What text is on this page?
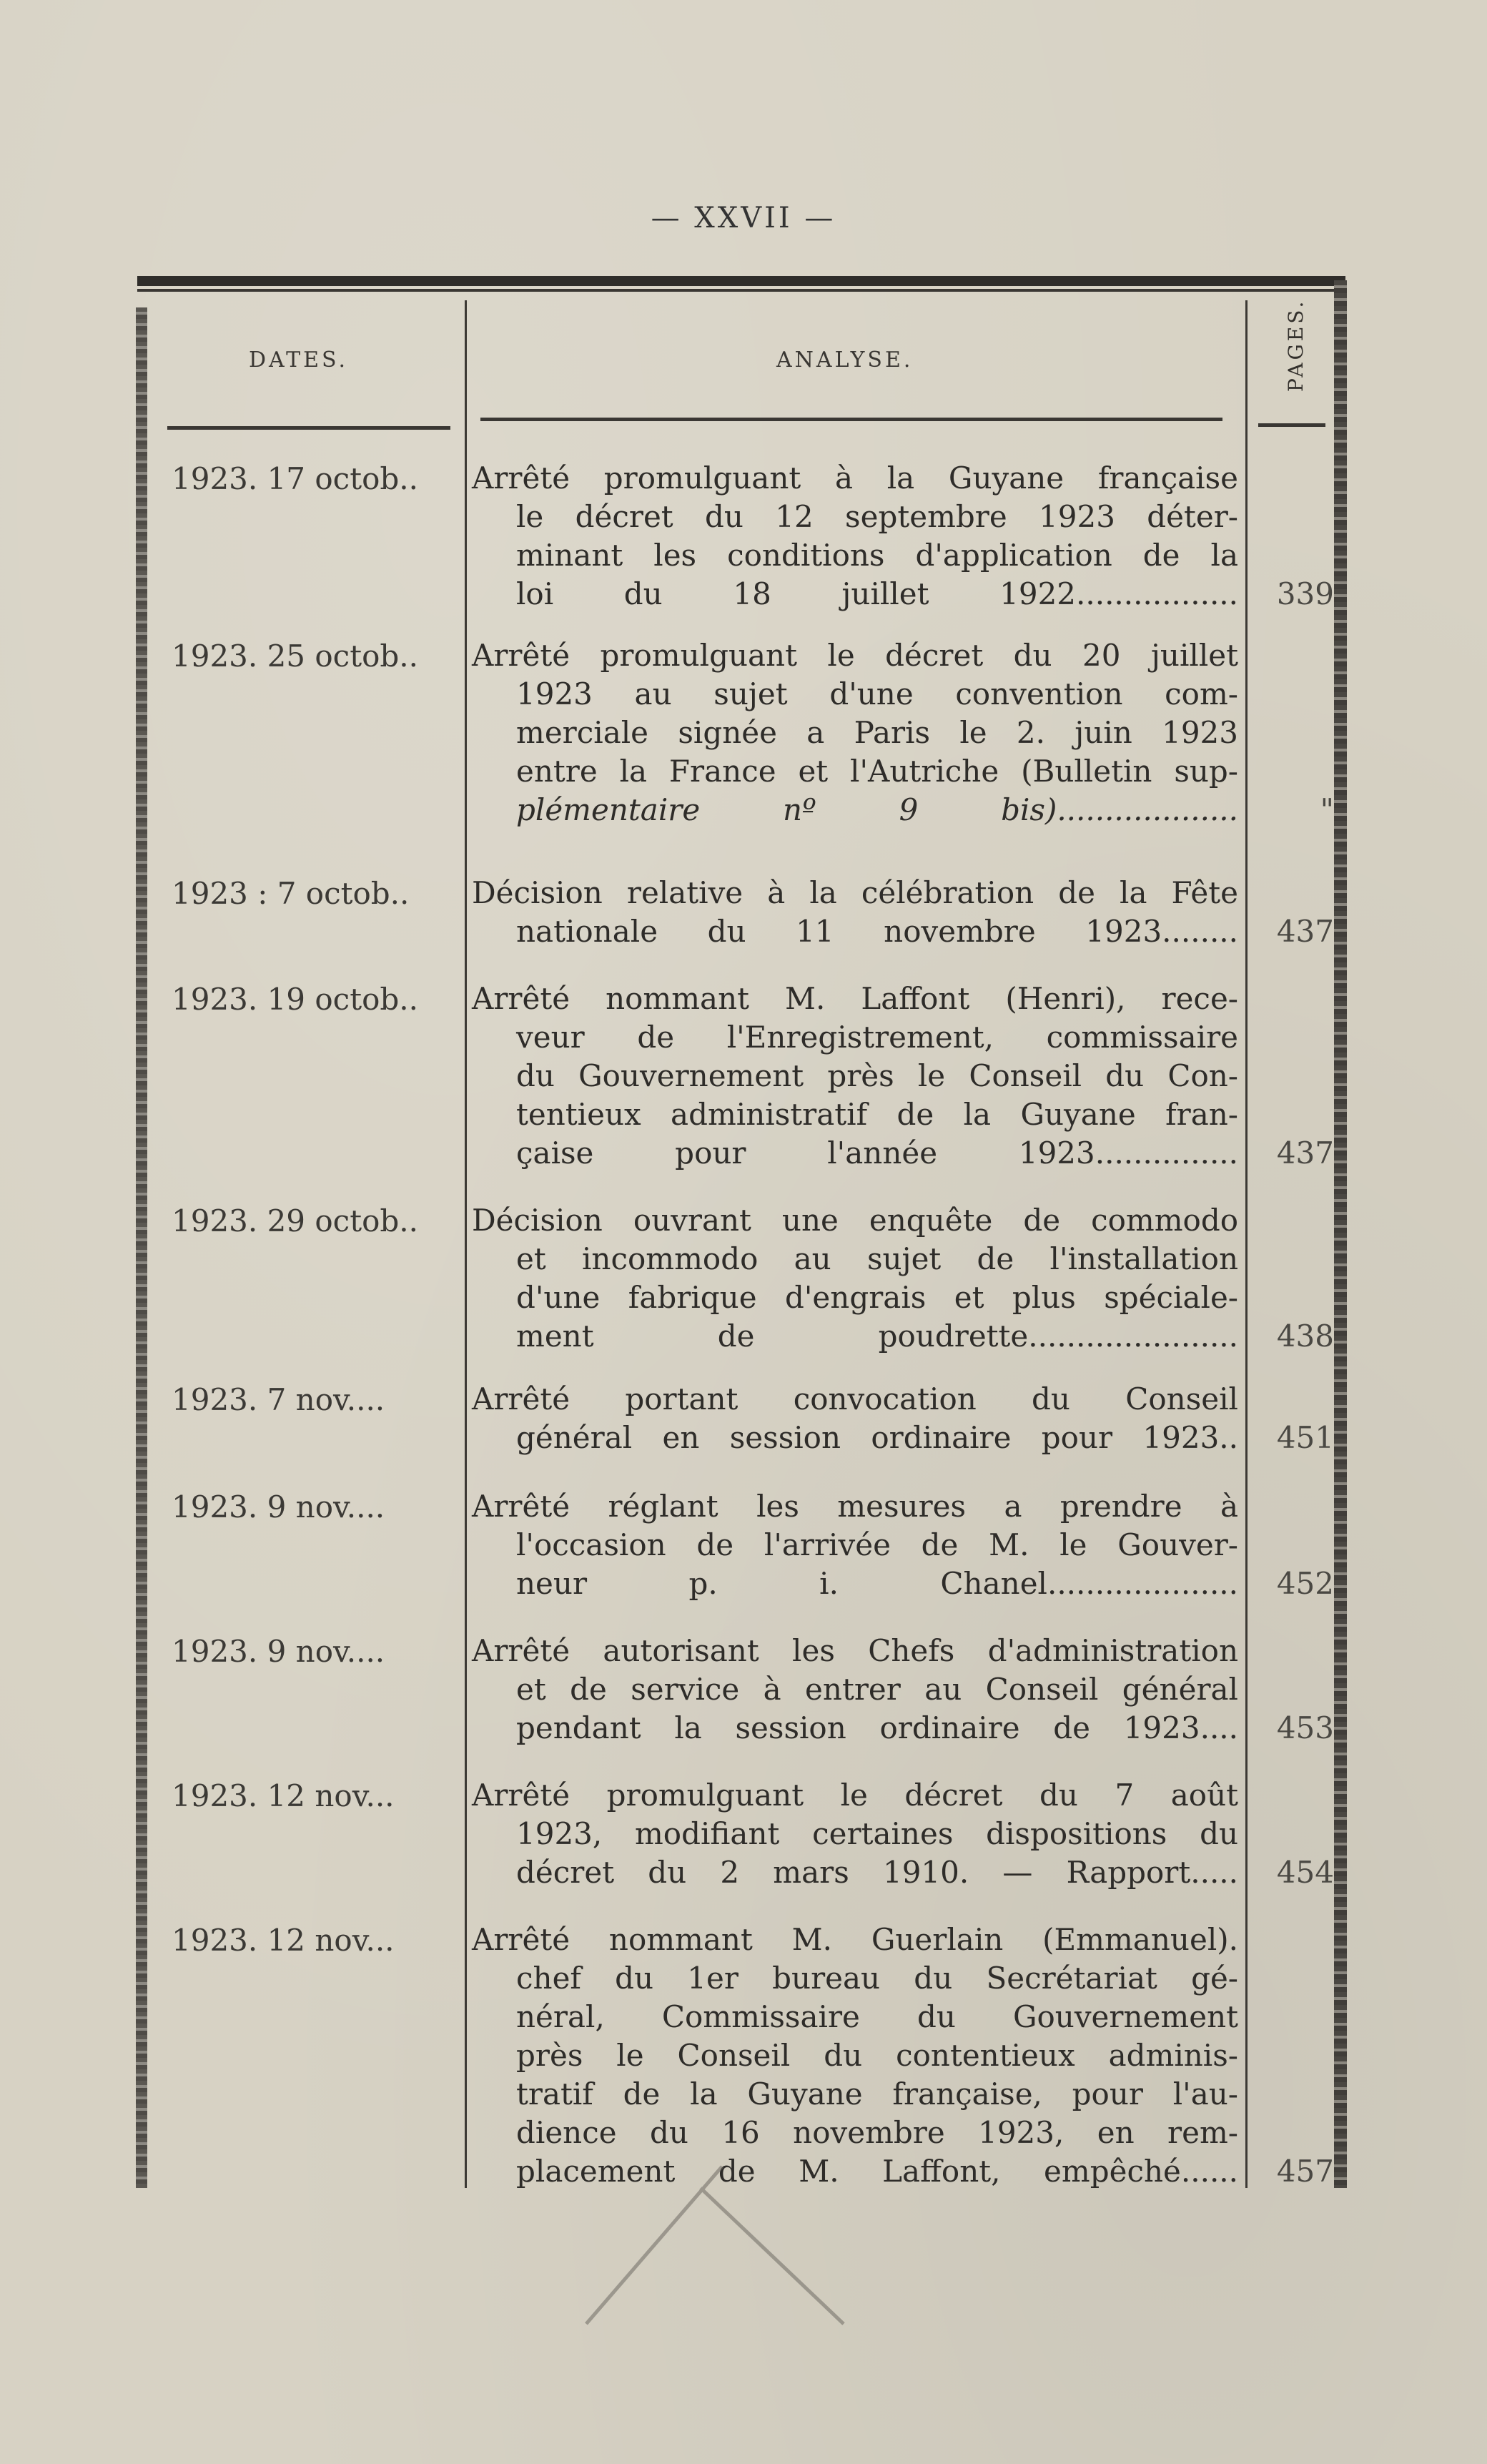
— XXVII —
DATES.	ANALYSE.	PAGES.
1923. 17 octob..	Arrêté promulguant à la Guyane française
le décret du 12 septembre 1923 déter-
minant les conditions d'application de la
loi du 18 juillet 1922.................	339
1923. 25 octob..	Arrêté promulguant le décret du 20 juillet
1923 au sujet d'une convention com-
merciale signée a Paris le 2. juin 1923
entre la France et l'Autriche (Bulletin sup-
plémentaire nº 9 bis)...................	"
1923 : 7 octob..	Décision relative à la célébration de la Fête
nationale du 11 novembre 1923........	437
1923. 19 octob..	Arrêté nommant M. Laffont (Henri), rece-
veur de l'Enregistrement, commissaire
du Gouvernement près le Conseil du Con-
tentieux administratif de la Guyane fran-
çaise pour l'année 1923...............	437
1923. 29 octob..	Décision ouvrant une enquête de commodo
et incommodo au sujet de l'installation
d'une fabrique d'engrais et plus spéciale-
ment de poudrette......................	438
1923. 7 nov....	Arrêté portant convocation du Conseil
général en session ordinaire pour 1923..	451
1923. 9 nov....	Arrêté réglant les mesures a prendre à
l'occasion de l'arrivée de M. le Gouver-
neur p. i. Chanel....................	452
1923. 9 nov....	Arrêté autorisant les Chefs d'administration
et de service à entrer au Conseil général
pendant la session ordinaire de 1923....	453
1923. 12 nov...	Arrêté promulguant le décret du 7 août
1923, modifiant certaines dispositions du
décret du 2 mars 1910. — Rapport.....	454
1923. 12 nov...	Arrêté nommant M. Guerlain (Emmanuel).
chef du 1er bureau du Secrétariat gé-
néral, Commissaire du Gouvernement
près le Conseil du contentieux adminis-
tratif de la Guyane française, pour l'au-
dience du 16 novembre 1923, en rem-
placement de M. Laffont, empêché......	457
